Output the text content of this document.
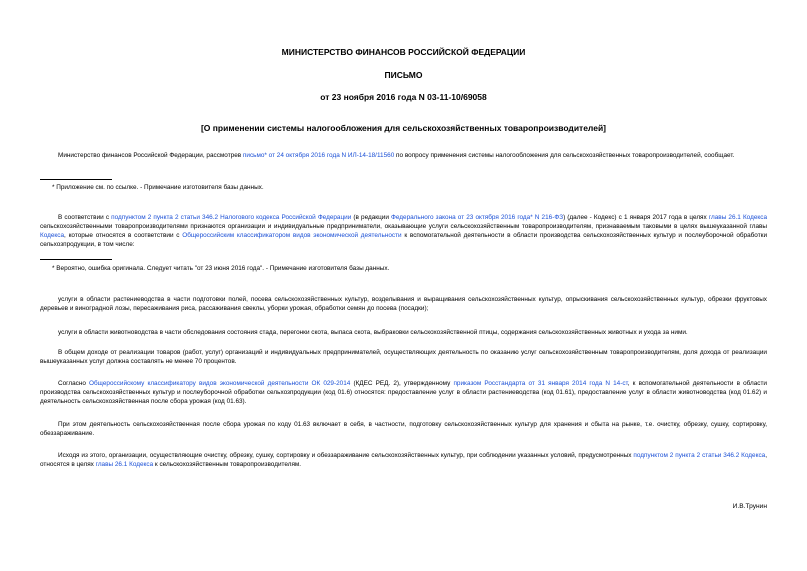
МИНИСТЕРСТВО ФИНАНСОВ РОССИЙСКОЙ ФЕДЕРАЦИИ
ПИСЬМО
от 23 ноября 2016 года N 03-11-10/69058
[О применении системы налогообложения для сельскохозяйственных товаропроизводителей]
Министерство финансов Российской Федерации, рассмотрев письмо* от 24 октября 2016 года N ИЛ-14-18/11560 по вопросу применения системы налогообложения для сельскохозяйственных товаропроизводителей, сообщает.
* Приложение см. по ссылке. - Примечание изготовителя базы данных.
В соответствии с подпунктом 2 пункта 2 статьи 346.2 Налогового кодекса Российской Федерации (в редакции Федерального закона от 23 октября 2016 года* N 216-ФЗ) (далее - Кодекс) с 1 января 2017 года в целях главы 26.1 Кодекса сельскохозяйственными товаропроизводителями признаются организации и индивидуальные предприниматели, оказывающие услуги сельскохозяйственным товаропроизводителям, признаваемым таковыми в целях вышеуказанной главы Кодекса, которые относятся в соответствии с Общероссийским классификатором видов экономической деятельности к вспомогательной деятельности в области производства сельскохозяйственных культур и послеуборочной обработки сельхозпродукции, в том числе:
* Вероятно, ошибка оригинала. Следует читать "от 23 июня 2016 года". - Примечание изготовителя базы данных.
услуги в области растениеводства в части подготовки полей, посева сельскохозяйственных культур, возделывания и выращивания сельскохозяйственных культур, опрыскивания сельскохозяйственных культур, обрезки фруктовых деревьев и виноградной лозы, пересаживания риса, рассаживания свеклы, уборки урожая, обработки семян до посева (посадки);
услуги в области животноводства в части обследования состояния стада, перегонки скота, выпаса скота, выбраковки сельскохозяйственной птицы, содержания сельскохозяйственных животных и ухода за ними.
В общем доходе от реализации товаров (работ, услуг) организаций и индивидуальных предпринимателей, осуществляющих деятельность по оказанию услуг сельскохозяйственным товаропроизводителям, доля дохода от реализации вышеуказанных услуг должна составлять не менее 70 процентов.
Согласно Общероссийскому классификатору видов экономической деятельности ОК 029-2014 (КДЕС РЕД. 2), утвержденному приказом Росстандарта от 31 января 2014 года N 14-ст, к вспомогательной деятельности в области производства сельскохозяйственных культур и послеуборочной обработки сельхозпродукции (код 01.6) относятся: предоставление услуг в области растениеводства (код 01.61), предоставление услуг в области животноводства (код 01.62) и деятельность сельскохозяйственная после сбора урожая (код 01.63).
При этом деятельность сельскохозяйственная после сбора урожая по коду 01.63 включает в себя, в частности, подготовку сельскохозяйственных культур для хранения и сбыта на рынке, т.е. очистку, обрезку, сушку, сортировку, обеззараживание.
Исходя из этого, организации, осуществляющие очистку, обрезку, сушку, сортировку и обеззараживание сельскохозяйственных культур, при соблюдении указанных условий, предусмотренных подпунктом 2 пункта 2 статьи 346.2 Кодекса, относятся в целях главы 26.1 Кодекса к сельскохозяйственным товаропроизводителям.
И.В.Трунин
